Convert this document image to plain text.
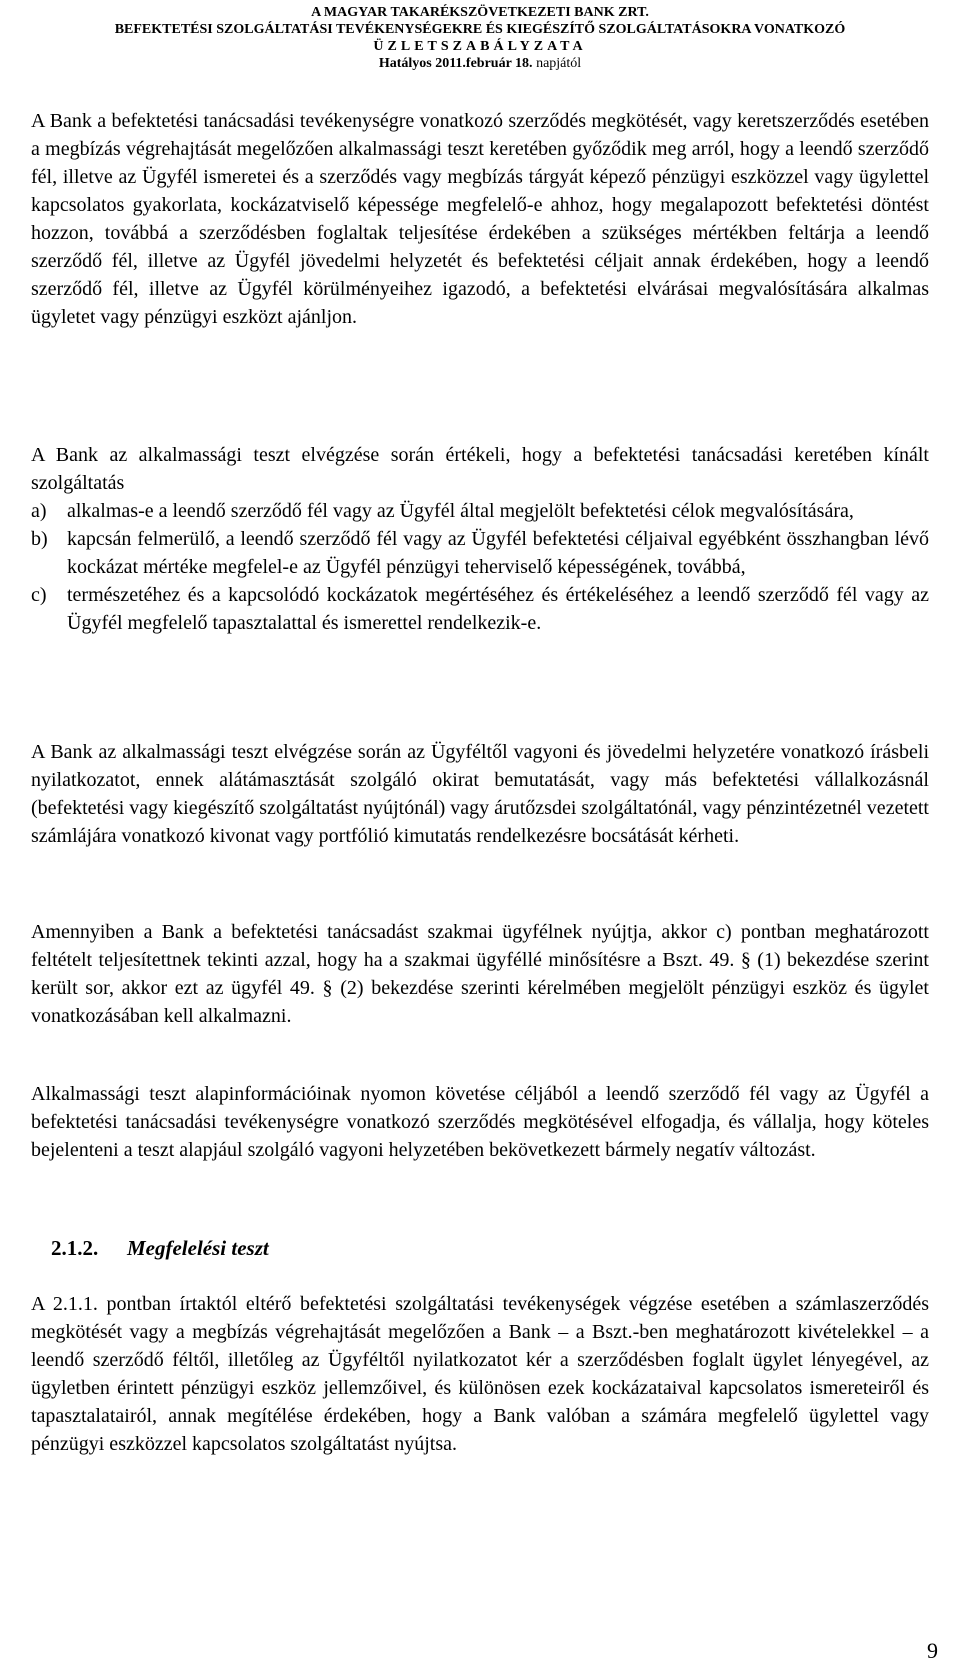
A MAGYAR TAKARÉKSZÖVETKEZETI BANK ZRT.
BEFEKTETÉSI SZOLGÁLTATÁSI TEVÉKENYSÉGEKRE ÉS KIEGÉSZÍTŐ SZOLGÁLTATÁSOKRA VONATKOZÓ
ÜZLETSZABÁLYZATA
Hatályos 2011.február 18. napjától
A Bank a befektetési tanácsadási tevékenységre vonatkozó szerződés megkötését, vagy keretszerződés esetében a megbízás végrehajtását megelőzően alkalmassági teszt keretében győződik meg arról, hogy a leendő szerződő fél, illetve az Ügyfél ismeretei és a szerződés vagy megbízás tárgyát képező pénzügyi eszközzel vagy ügylettel kapcsolatos gyakorlata, kockázatviselő képessége megfelelő-e ahhoz, hogy megalapozott befektetési döntést hozzon, továbbá a szerződésben foglaltak teljesítése érdekében a szükséges mértékben feltárja a leendő szerződő fél, illetve az Ügyfél jövedelmi helyzetét és befektetési céljait annak érdekében, hogy a leendő szerződő fél, illetve az Ügyfél körülményeihez igazodó, a befektetési elvárásai megvalósítására alkalmas ügyletet vagy pénzügyi eszközt ajánljon.
A Bank az alkalmassági teszt elvégzése során értékeli, hogy a befektetési tanácsadási keretében kínált szolgáltatás
a) alkalmas-e a leendő szerződő fél vagy az Ügyfél által megjelölt befektetési célok megvalósítására,
b) kapcsán felmerülő, a leendő szerződő fél vagy az Ügyfél befektetési céljaival egyébként összhangban lévő kockázat mértéke megfelel-e az Ügyfél pénzügyi teherviselő képességének, továbbá,
c) természetéhez és a kapcsolódó kockázatok megértéséhez és értékeléséhez a leendő szerződő fél vagy az Ügyfél megfelelő tapasztalattal és ismerettel rendelkezik-e.
A Bank az alkalmassági teszt elvégzése során az Ügyféltől vagyoni és jövedelmi helyzetére vonatkozó írásbeli nyilatkozatot, ennek alátámasztását szolgáló okirat bemutatását, vagy más befektetési vállalkozásnál (befektetési vagy kiegészítő szolgáltatást nyújtónál) vagy árutőzsdei szolgáltatónál, vagy pénzintézetnél vezetett számlájára vonatkozó kivonat vagy portfólió kimutatás rendelkezésre bocsátását kérheti.
Amennyiben a Bank a befektetési tanácsadást szakmai ügyfélnek nyújtja, akkor c) pontban meghatározott feltételt teljesítettnek tekinti azzal, hogy ha a szakmai ügyféllé minősítésre a Bszt. 49. § (1) bekezdése szerint került sor, akkor ezt az ügyfél 49. § (2) bekezdése szerinti kérelmében megjelölt pénzügyi eszköz és ügylet vonatkozásában kell alkalmazni.
Alkalmassági teszt alapinformációinak nyomon követése céljából a leendő szerződő fél vagy az Ügyfél a befektetési tanácsadási tevékenységre vonatkozó szerződés megkötésével elfogadja, és vállalja, hogy köteles bejelenteni a teszt alapjául szolgáló vagyoni helyzetében bekövetkezett bármely negatív változást.
2.1.2. Megfelelési teszt
A 2.1.1. pontban írtaktól eltérő befektetési szolgáltatási tevékenységek végzése esetében a számlaszerződés megkötését vagy a megbízás végrehajtását megelőzően a Bank – a Bszt.-ben meghatározott kivételekkel – a leendő szerződő féltől, illetőleg az Ügyféltől nyilatkozatot kér a szerződésben foglalt ügylet lényegével, az ügyletben érintett pénzügyi eszköz jellemzőivel, és különösen ezek kockázataival kapcsolatos ismereteiről és tapasztalatairól, annak megítélése érdekében, hogy a Bank valóban a számára megfelelő ügylettel vagy pénzügyi eszközzel kapcsolatos szolgáltatást nyújtsa.
9
